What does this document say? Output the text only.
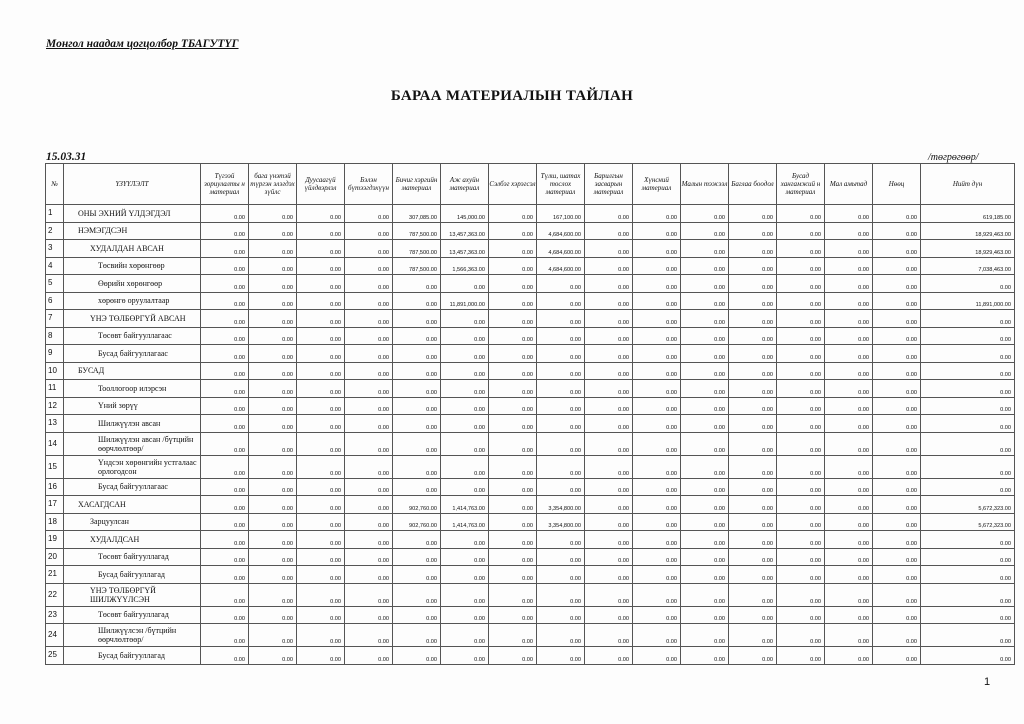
Монгол наадам цогцолбор ТБАГУТҮГ
БАРАА МАТЕРИАЛЫН ТАЙЛАН
15.03.31	/төгрөгөөр/
№	ҮЗҮҮЛЭЛТ	Түгээй зориулалты н материал	бага үнэтэй түргэн элэгдэх зүйлс	Дуусаагүй үйлдвэрлэл	Бэлэн бүтээгдэхүүн	Бичиг хэргийн материал	Аж ахуйн материал	Сэлбэг хэрэгсэл	Түлш, шатах тослох материал	Барилгын засварын материал	Хүнсний материал	Малын тэжээл	Баглаа боодол	Бусад хангамжий н материал	Мал амьтад	Нөөц	Нийт дүн
1	ОНЫ ЭХНИЙ ҮЛДЭГДЭЛ	0.00	0.00	0.00	0.00	307,085.00	145,000.00	0.00	167,100.00	0.00	0.00	0.00	0.00	0.00	0.00	0.00	619,185.00
2	НЭМЭГДСЭН	0.00	0.00	0.00	0.00	787,500.00	13,457,363.00	0.00	4,684,600.00	0.00	0.00	0.00	0.00	0.00	0.00	0.00	18,929,463.00
3	ХУДАЛДАН АВСАН	0.00	0.00	0.00	0.00	787,500.00	13,457,363.00	0.00	4,684,600.00	0.00	0.00	0.00	0.00	0.00	0.00	0.00	18,929,463.00
4	Төсвийн хөрөнгөөр	0.00	0.00	0.00	0.00	787,500.00	1,566,363.00	0.00	4,684,600.00	0.00	0.00	0.00	0.00	0.00	0.00	0.00	7,038,463.00
5	Өөрийн хөрөнгөөр	0.00	0.00	0.00	0.00	0.00	0.00	0.00	0.00	0.00	0.00	0.00	0.00	0.00	0.00	0.00	0.00
6	хөрөнгө оруулалтаар	0.00	0.00	0.00	0.00	0.00	11,891,000.00	0.00	0.00	0.00	0.00	0.00	0.00	0.00	0.00	0.00	11,891,000.00
7	ҮНЭ ТӨЛБӨРГҮЙ АВСАН	0.00	0.00	0.00	0.00	0.00	0.00	0.00	0.00	0.00	0.00	0.00	0.00	0.00	0.00	0.00	0.00
8	Төсөвт байгууллагаас	0.00	0.00	0.00	0.00	0.00	0.00	0.00	0.00	0.00	0.00	0.00	0.00	0.00	0.00	0.00	0.00
9	Бусад байгууллагаас	0.00	0.00	0.00	0.00	0.00	0.00	0.00	0.00	0.00	0.00	0.00	0.00	0.00	0.00	0.00	0.00
10	БУСАД	0.00	0.00	0.00	0.00	0.00	0.00	0.00	0.00	0.00	0.00	0.00	0.00	0.00	0.00	0.00	0.00
11	Тооллогоор илэрсэн	0.00	0.00	0.00	0.00	0.00	0.00	0.00	0.00	0.00	0.00	0.00	0.00	0.00	0.00	0.00	0.00
12	Үний зөрүү	0.00	0.00	0.00	0.00	0.00	0.00	0.00	0.00	0.00	0.00	0.00	0.00	0.00	0.00	0.00	0.00
13	Шилжүүлэн авсан	0.00	0.00	0.00	0.00	0.00	0.00	0.00	0.00	0.00	0.00	0.00	0.00	0.00	0.00	0.00	0.00
14	Шилжүүлэн авсан /бүтцийн өөрчлөлтөөр/	0.00	0.00	0.00	0.00	0.00	0.00	0.00	0.00	0.00	0.00	0.00	0.00	0.00	0.00	0.00	0.00
15	Үндсэн хөрөнгийн устгалаас орлогодсон	0.00	0.00	0.00	0.00	0.00	0.00	0.00	0.00	0.00	0.00	0.00	0.00	0.00	0.00	0.00	0.00
16	Бусад байгууллагаас	0.00	0.00	0.00	0.00	0.00	0.00	0.00	0.00	0.00	0.00	0.00	0.00	0.00	0.00	0.00	0.00
17	ХАСАГДСАН	0.00	0.00	0.00	0.00	902,760.00	1,414,763.00	0.00	3,354,800.00	0.00	0.00	0.00	0.00	0.00	0.00	0.00	5,672,323.00
18	Зарцуулсан	0.00	0.00	0.00	0.00	902,760.00	1,414,763.00	0.00	3,354,800.00	0.00	0.00	0.00	0.00	0.00	0.00	0.00	5,672,323.00
19	ХУДАЛДСАН	0.00	0.00	0.00	0.00	0.00	0.00	0.00	0.00	0.00	0.00	0.00	0.00	0.00	0.00	0.00	0.00
20	Төсөвт байгууллагад	0.00	0.00	0.00	0.00	0.00	0.00	0.00	0.00	0.00	0.00	0.00	0.00	0.00	0.00	0.00	0.00
21	Бусад байгууллагад	0.00	0.00	0.00	0.00	0.00	0.00	0.00	0.00	0.00	0.00	0.00	0.00	0.00	0.00	0.00	0.00
22	ҮНЭ ТӨЛБӨРГҮЙ ШИЛЖҮҮЛСЭН	0.00	0.00	0.00	0.00	0.00	0.00	0.00	0.00	0.00	0.00	0.00	0.00	0.00	0.00	0.00	0.00
23	Төсөвт байгууллагад	0.00	0.00	0.00	0.00	0.00	0.00	0.00	0.00	0.00	0.00	0.00	0.00	0.00	0.00	0.00	0.00
24	Шилжүүлсэн /бүтцийн өөрчлөлтөөр/	0.00	0.00	0.00	0.00	0.00	0.00	0.00	0.00	0.00	0.00	0.00	0.00	0.00	0.00	0.00	0.00
25	Бусад байгууллагад	0.00	0.00	0.00	0.00	0.00	0.00	0.00	0.00	0.00	0.00	0.00	0.00	0.00	0.00	0.00	0.00
1
